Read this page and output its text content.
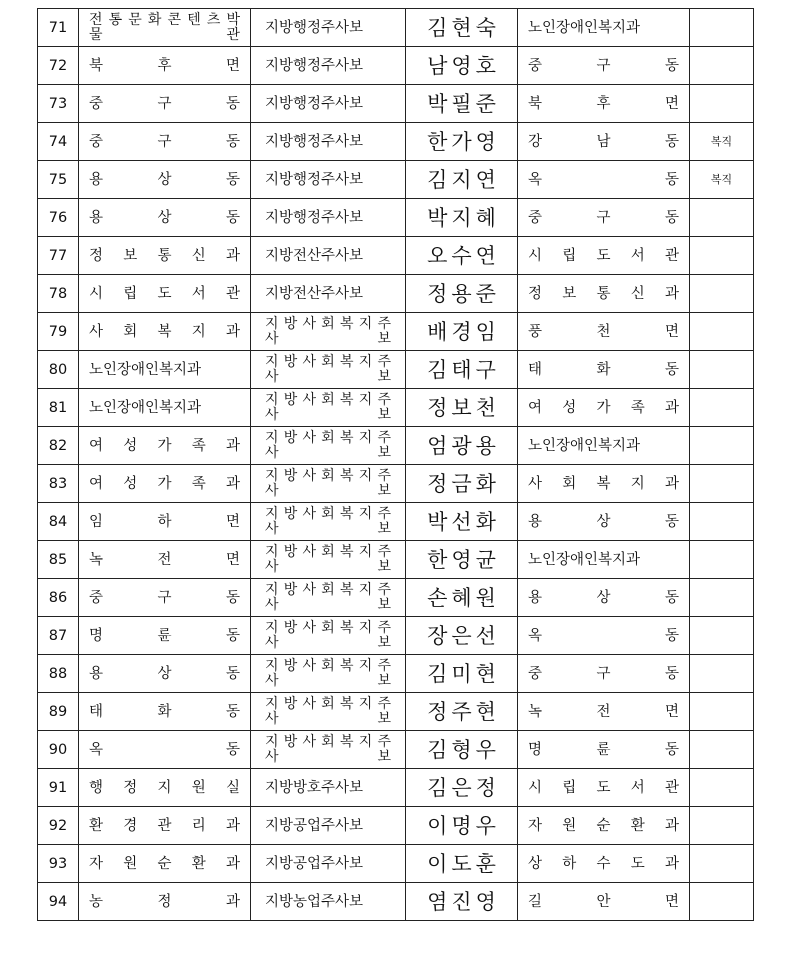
71	전 통 문 화 콘 텐 츠 박 물 관	지방행정주사보	김현숙	노인장애인복지과	

72	북 후 면	지방행정주사보	남영호	중 구 동	

73	중 구 동	지방행정주사보	박필준	북 후 면	

74	중 구 동	지방행정주사보	한가영	강 남 동	복직
75	용 상 동	지방행정주사보	김지연	옥 동	복직
76	용 상 동	지방행정주사보	박지혜	중 구 동	

77	정 보 통 신 과	지방전산주사보	오수연	시 립 도 서 관	

78	시 립 도 서 관	지방전산주사보	정용준	정 보 통 신 과	

79	사 회 복 지 과	지 방 사 회 복 지 주 사 보	배경임	풍 천 면	

80	노인장애인복지과	지 방 사 회 복 지 주 사 보	김태구	태 화 동	

81	노인장애인복지과	지 방 사 회 복 지 주 사 보	정보천	여 성 가 족 과	

82	여 성 가 족 과	지 방 사 회 복 지 주 사 보	엄광용	노인장애인복지과	

83	여 성 가 족 과	지 방 사 회 복 지 주 사 보	정금화	사 회 복 지 과	

84	임 하 면	지 방 사 회 복 지 주 사 보	박선화	용 상 동	

85	녹 전 면	지 방 사 회 복 지 주 사 보	한영균	노인장애인복지과	

86	중 구 동	지 방 사 회 복 지 주 사 보	손혜원	용 상 동	

87	명 륜 동	지 방 사 회 복 지 주 사 보	장은선	옥 동	

88	용 상 동	지 방 사 회 복 지 주 사 보	김미현	중 구 동	

89	태 화 동	지 방 사 회 복 지 주 사 보	정주현	녹 전 면	

90	옥 동	지 방 사 회 복 지 주 사 보	김형우	명 륜 동	

91	행 정 지 원 실	지방방호주사보	김은정	시 립 도 서 관	

92	환 경 관 리 과	지방공업주사보	이명우	자 원 순 환 과	

93	자 원 순 환 과	지방공업주사보	이도훈	상 하 수 도 과	

94	농 정 과	지방농업주사보	염진영	길 안 면	
